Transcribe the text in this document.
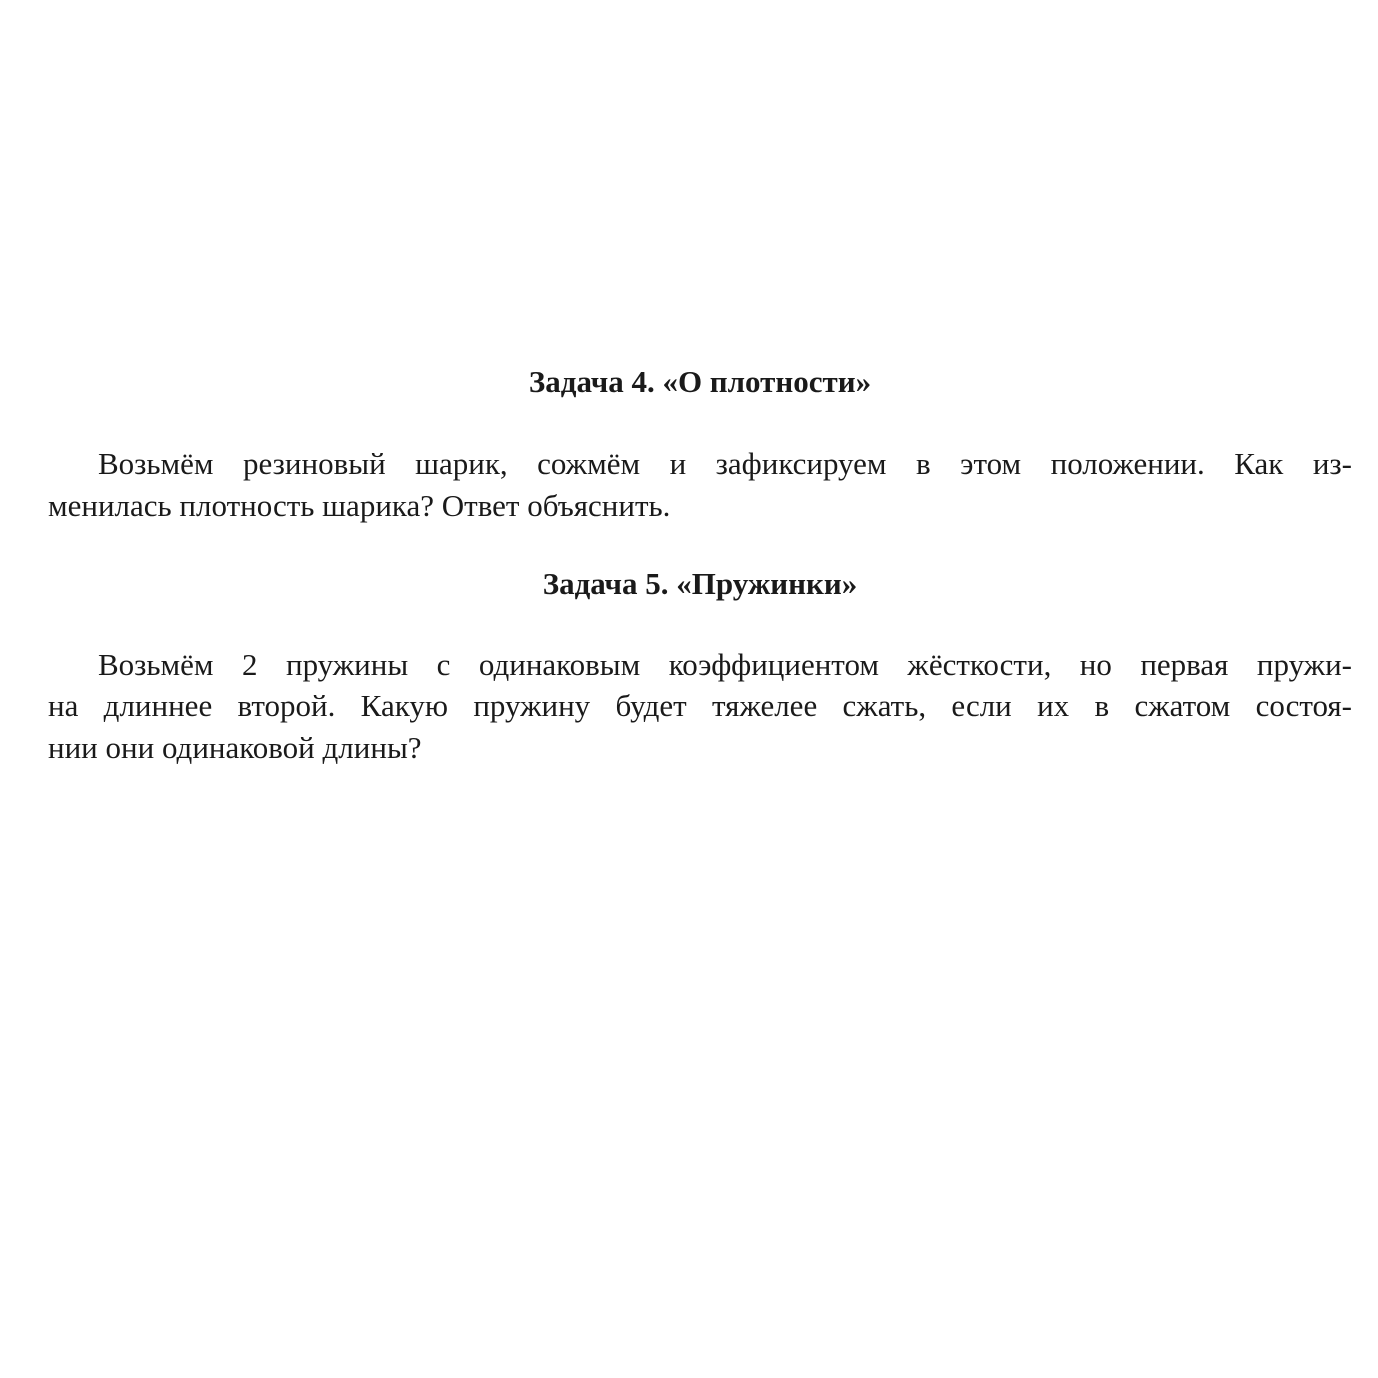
Задача 4. «О плотности»
Возьмём резиновый шарик, сожмём и зафиксируем в этом положении. Как из-
менилась плотность шарика? Ответ объяснить.
Задача 5. «Пружинки»
Возьмём 2 пружины с одинаковым коэффициентом жёсткости, но первая пружи-
на длиннее второй. Какую пружину будет тяжелее сжать, если их в сжатом состоя-
нии они одинаковой длины?
